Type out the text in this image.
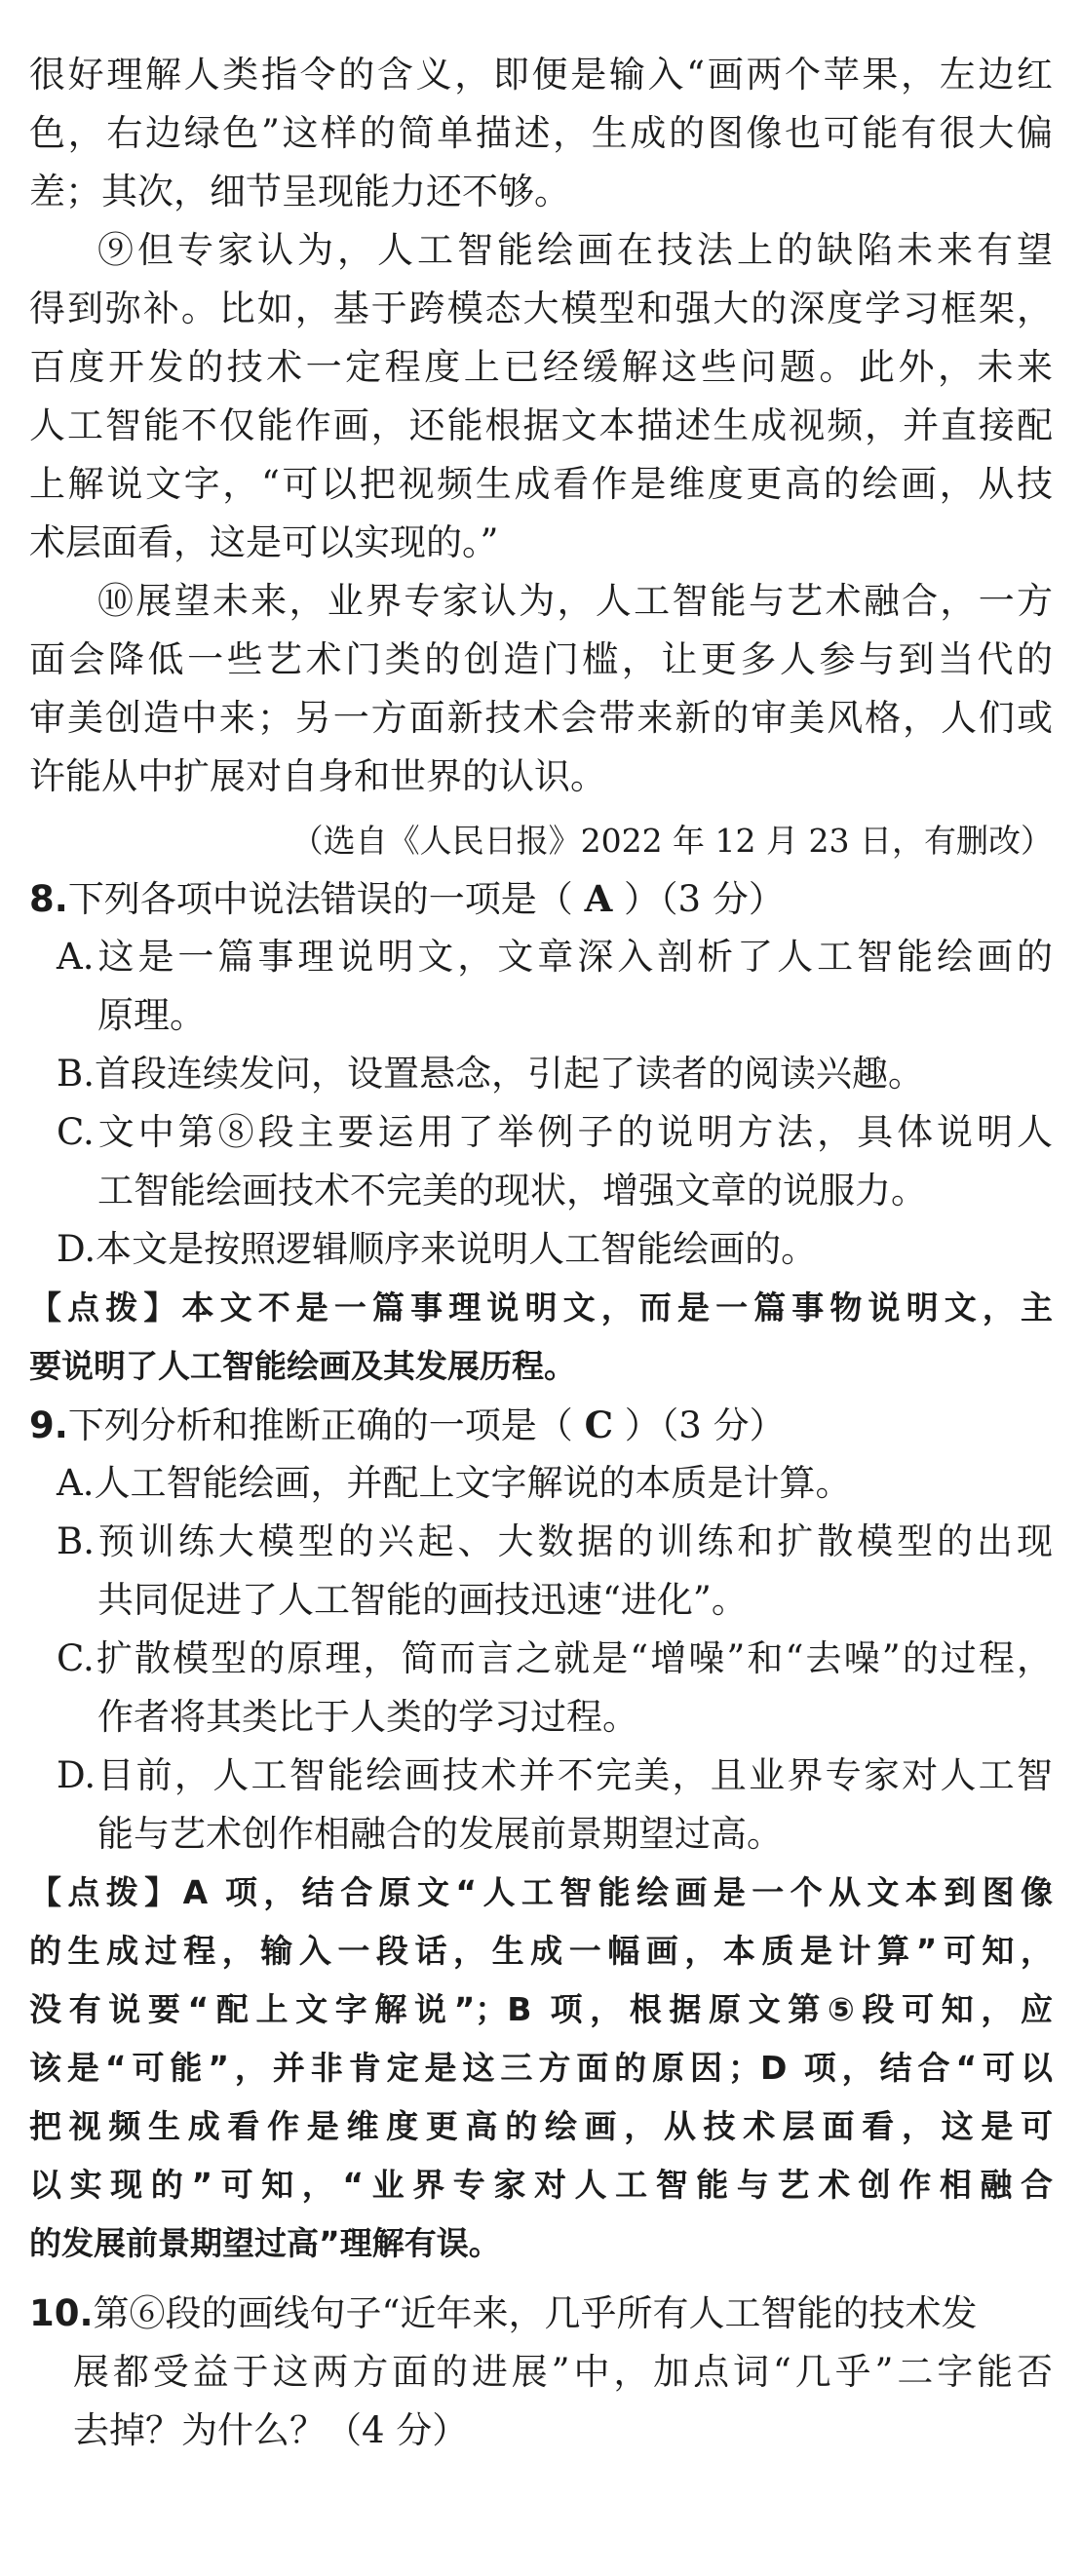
很好理解人类指令的含义，即便是输入“画两个苹果，左边红
色，右边绿色”这样的简单描述，生成的图像也可能有很大偏
差；其次，细节呈现能力还不够。
⑨但专家认为，人工智能绘画在技法上的缺陷未来有望
得到弥补。比如，基于跨模态大模型和强大的深度学习框架，
百度开发的技术一定程度上已经缓解这些问题。此外，未来
人工智能不仅能作画，还能根据文本描述生成视频，并直接配
上解说文字，“可以把视频生成看作是维度更高的绘画，从技
术层面看，这是可以实现的。”
⑩展望未来，业界专家认为，人工智能与艺术融合，一方
面会降低一些艺术门类的创造门槛，让更多人参与到当代的
审美创造中来；另一方面新技术会带来新的审美风格，人们或
许能从中扩展对自身和世界的认识。
（选自《人民日报》2022 年 12 月 23 日，有删改）
8.下列各项中说法错误的一项是（ A ）（3 分）
A.这是一篇事理说明文，文章深入剖析了人工智能绘画的
原理。
B.首段连续发问，设置悬念，引起了读者的阅读兴趣。
C.文中第⑧段主要运用了举例子的说明方法，具体说明人
工智能绘画技术不完美的现状，增强文章的说服力。
D.本文是按照逻辑顺序来说明人工智能绘画的。
【点拨】本文不是一篇事理说明文，而是一篇事物说明文，主
要说明了人工智能绘画及其发展历程。
9.下列分析和推断正确的一项是（ C ）（3 分）
A.人工智能绘画，并配上文字解说的本质是计算。
B.预训练大模型的兴起、大数据的训练和扩散模型的出现
共同促进了人工智能的画技迅速“进化”。
C.扩散模型的原理，简而言之就是“增噪”和“去噪”的过程，
作者将其类比于人类的学习过程。
D.目前，人工智能绘画技术并不完美，且业界专家对人工智
能与艺术创作相融合的发展前景期望过高。
【点拨】A 项，结合原文“人工智能绘画是一个从文本到图像
的生成过程，输入一段话，生成一幅画，本质是计算”可知，
没有说要“配上文字解说”；B 项，根据原文第⑤段可知，应
该是“可能”，并非肯定是这三方面的原因；D 项，结合“可以
把视频生成看作是维度更高的绘画，从技术层面看，这是可
以实现的”可知，“业界专家对人工智能与艺术创作相融合
的发展前景期望过高”理解有误。
10.第⑥段的画线句子“近年来，几乎所有人工智能的技术发
展都受益于这两方面的进展”中，加点词“几乎”二字能否
去掉？为什么？（4 分）
